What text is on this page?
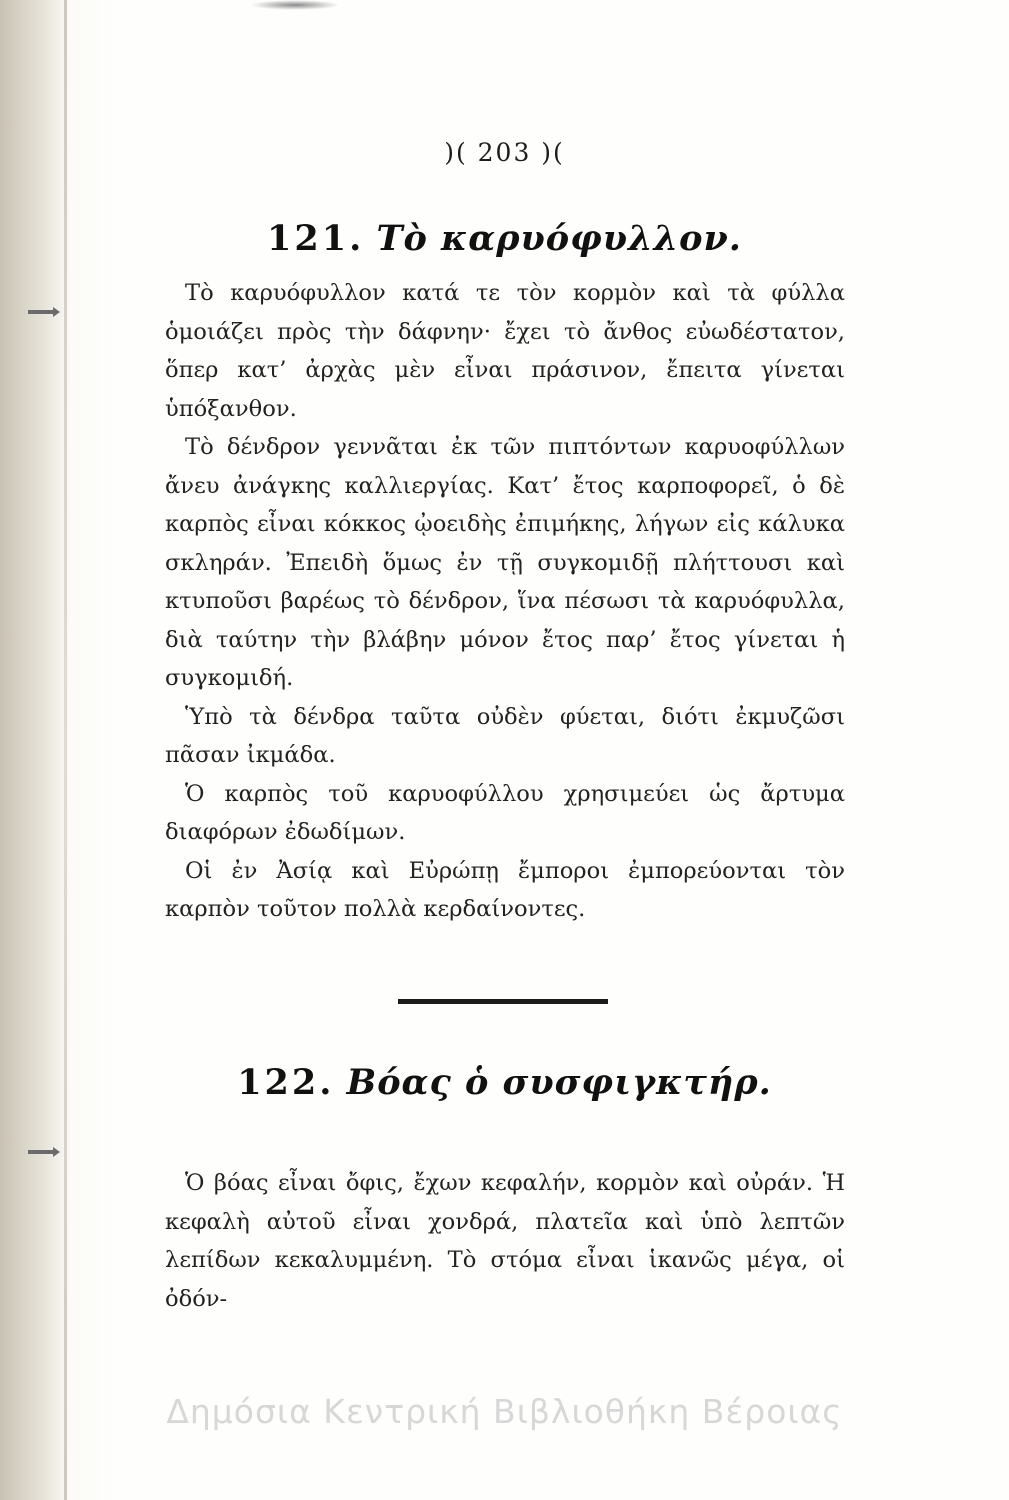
)( 203 )(
121. Τὸ καρυόφυλλον.

Τὸ καρυόφυλλον κατά τε τὸν κορμὸν καὶ τὰ φύλλα ὁμοιάζει πρὸς τὴν δάφνην· ἔχει τὸ ἄνθος εὐωδέστατον, ὅπερ κατ’ ἀρχὰς μὲν εἶναι πράσινον, ἔπειτα γίνεται ὑπόξανθον.

Τὸ δένδρον γεννᾶται ἐκ τῶν πιπτόντων καρυοφύλλων ἄνευ ἀνάγκης καλλιεργίας. Κατ’ ἔτος καρποφορεῖ, ὁ δὲ καρπὸς εἶναι κόκκος ᾠοειδὴς ἐπιμήκης, λήγων εἰς κάλυκα σκληράν. Ἐπειδὴ ὅμως ἐν τῇ συγκομιδῇ πλήττουσι καὶ κτυποῦσι βαρέως τὸ δένδρον, ἵνα πέσωσι τὰ καρυόφυλλα, διὰ ταύτην τὴν βλάβην μόνον ἔτος παρ’ ἔτος γίνεται ἡ συγκομιδή.

Ὑπὸ τὰ δένδρα ταῦτα οὐδὲν φύεται, διότι ἐκμυζῶσι πᾶσαν ἰκμάδα.

Ὁ καρπὸς τοῦ καρυοφύλλου χρησιμεύει ὡς ἄρτυμα διαφόρων ἐδωδίμων.

Οἱ ἐν Ἀσίᾳ καὶ Εὐρώπῃ ἔμποροι ἐμπορεύονται τὸν καρπὸν τοῦτον πολλὰ κερδαίνοντες.

122. Βόας ὁ συσφιγκτήρ.

Ὁ βόας εἶναι ὄφις, ἔχων κεφαλήν, κορμὸν καὶ οὐράν. Ἡ κεφαλὴ αὐτοῦ εἶναι χονδρά, πλατεῖα καὶ ὑπὸ λεπτῶν λεπίδων κεκαλυμμένη. Τὸ στόμα εἶναι ἱκανῶς μέγα, οἱ ὀδόν-

Δημόσια Κεντρική Βιβλιοθήκη Βέροιας
